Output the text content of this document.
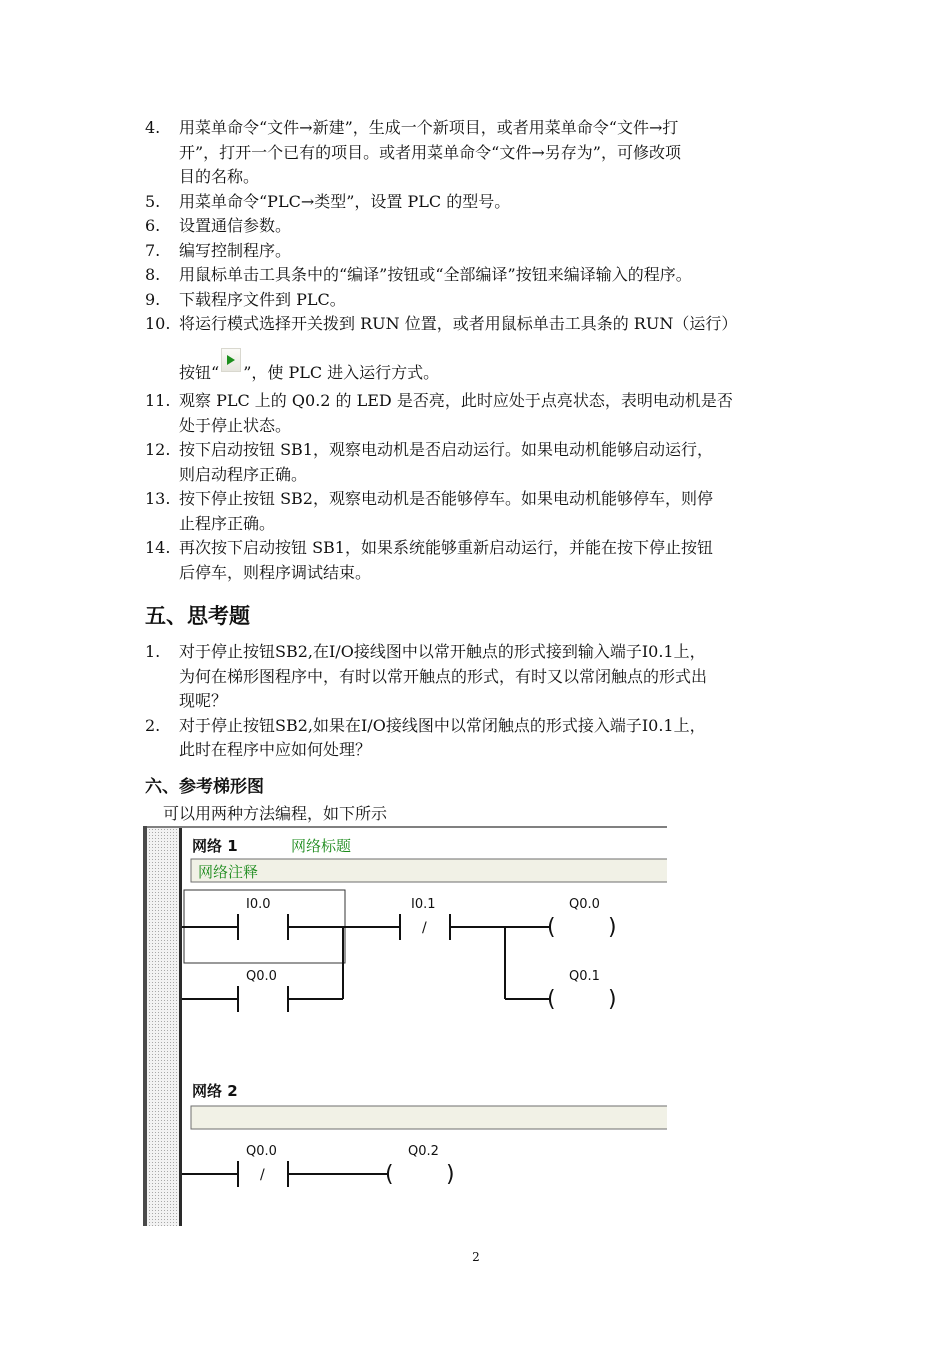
4. 用菜单命令“文件→新建”，生成一个新项目，或者用菜单命令“文件→打
开”，打开一个已有的项目。或者用菜单命令“文件→另存为”，可修改项
目的名称。
5. 用菜单命令“PLC→类型”，设置 PLC 的型号。
6. 设置通信参数。
7. 编写控制程序。
8. 用鼠标单击工具条中的“编译”按钮或“全部编译”按钮来编译输入的程序。
9. 下载程序文件到 PLC。
10. 将运行模式选择开关拨到 RUN 位置，或者用鼠标单击工具条的 RUN（运行）
按钮“ ”，使 PLC 进入运行方式。
11. 观察 PLC 上的 Q0.2 的 LED 是否亮，此时应处于点亮状态，表明电动机是否
处于停止状态。
12. 按下启动按钮 SB1，观察电动机是否启动运行。如果电动机能够启动运行，
则启动程序正确。
13. 按下停止按钮 SB2，观察电动机是否能够停车。如果电动机能够停车，则停
止程序正确。
14. 再次按下启动按钮 SB1，如果系统能够重新启动运行，并能在按下停止按钮
后停车，则程序调试结束。
五、思考题
1. 对于停止按钮SB2,在I/O接线图中以常开触点的形式接到输入端子I0.1上，
为何在梯形图程序中，有时以常开触点的形式，有时又以常闭触点的形式出
现呢？
2. 对于停止按钮SB2,如果在I/O接线图中以常闭触点的形式接入端子I0.1上，
此时在程序中应如何处理？
六、参考梯形图

可以用两种方法编程，如下所示

网络 1	网络标题
网络注释
/	( )
( )
I0.0	I0.1	Q0.0
Q0.0	Q0.1
网络 2
/	( )
Q0.0	Q0.2
2
